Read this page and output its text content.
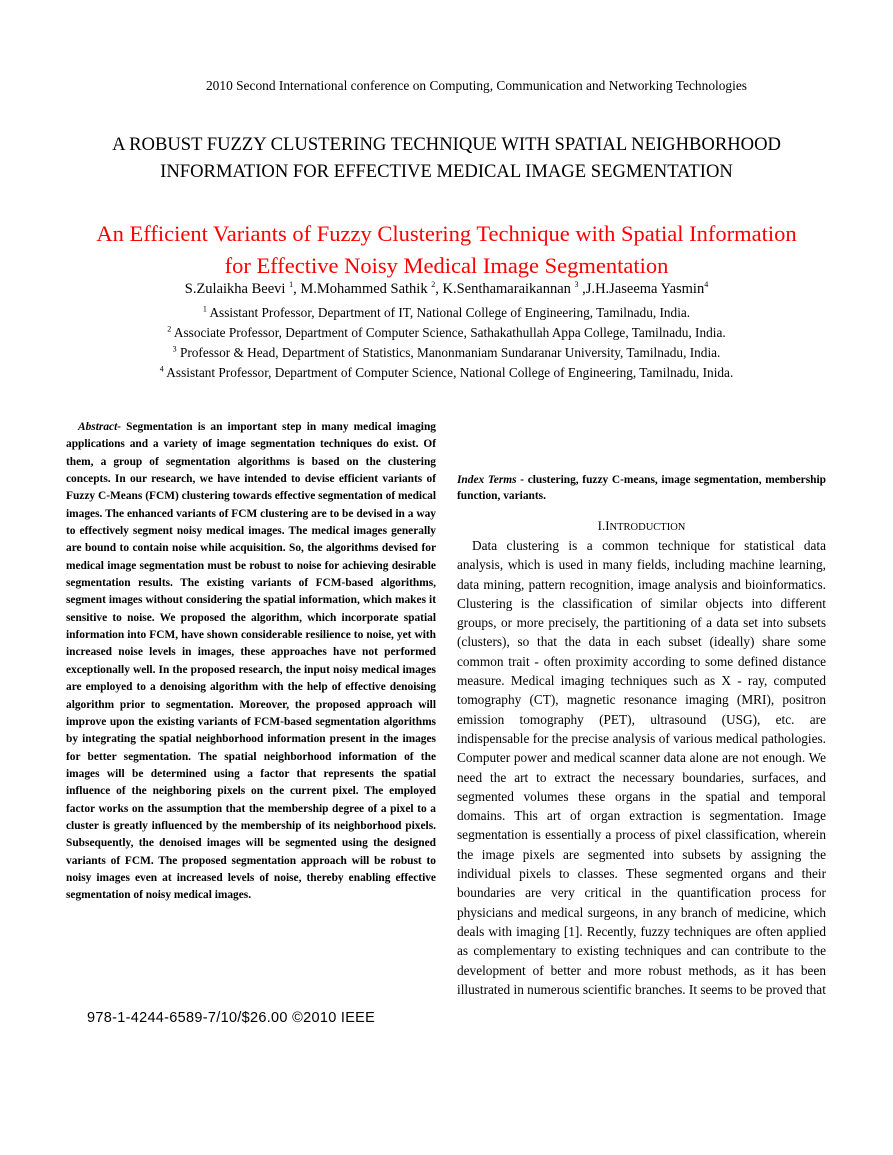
2010 Second International conference on Computing, Communication and Networking Technologies
A ROBUST FUZZY CLUSTERING TECHNIQUE WITH SPATIAL NEIGHBORHOOD
INFORMATION FOR EFFECTIVE MEDICAL IMAGE SEGMENTATION
An Efficient Variants of Fuzzy Clustering Technique with Spatial Information
for Effective Noisy Medical Image Segmentation
S.Zulaikha Beevi $^1$, M.Mohammed Sathik $^2$, K.Senthamaraikannan $^3$ ,J.H.Jaseema Yasmin$^4$
$^1$ Assistant Professor, Department of IT, National College of Engineering, Tamilnadu, India.
$^2$ Associate Professor, Department of Computer Science, Sathakathullah Appa College, Tamilnadu, India.
$^3$ Professor & Head, Department of Statistics, Manonmaniam Sundaranar University, Tamilnadu, India.
$^4$ Assistant Professor, Department of Computer Science, National College of Engineering, Tamilnadu, Inida.
Abstract- Segmentation is an important step in many medical imaging applications and a variety of image segmentation techniques do exist. Of them, a group of segmentation algorithms is based on the clustering concepts. In our research, we have intended to devise efficient variants of Fuzzy C-Means (FCM) clustering towards effective segmentation of medical images. The enhanced variants of FCM clustering are to be devised in a way to effectively segment noisy medical images. The medical images generally are bound to contain noise while acquisition. So, the algorithms devised for medical image segmentation must be robust to noise for achieving desirable segmentation results. The existing variants of FCM-based algorithms, segment images without considering the spatial information, which makes it sensitive to noise. We proposed the algorithm, which incorporate spatial information into FCM, have shown considerable resilience to noise, yet with increased noise levels in images, these approaches have not performed exceptionally well. In the proposed research, the input noisy medical images are employed to a denoising algorithm with the help of effective denoising algorithm prior to segmentation. Moreover, the proposed approach will improve upon the existing variants of FCM-based segmentation algorithms by integrating the spatial neighborhood information present in the images for better segmentation. The spatial neighborhood information of the images will be determined using a factor that represents the spatial influence of the neighboring pixels on the current pixel. The employed factor works on the assumption that the membership degree of a pixel to a cluster is greatly influenced by the membership of its neighborhood pixels. Subsequently, the denoised images will be segmented using the designed variants of FCM. The proposed segmentation approach will be robust to noisy images even at increased levels of noise, thereby enabling effective segmentation of noisy medical images.
978-1-4244-6589-7/10/$26.00 ©2010 IEEE
Index Terms - clustering, fuzzy C-means, image segmentation, membership function, variants.
I.INTRODUCTION
Data clustering is a common technique for statistical data analysis, which is used in many fields, including machine learning, data mining, pattern recognition, image analysis and bioinformatics. Clustering is the classification of similar objects into different groups, or more precisely, the partitioning of a data set into subsets (clusters), so that the data in each subset (ideally) share some common trait - often proximity according to some defined distance measure. Medical imaging techniques such as X - ray, computed tomography (CT), magnetic resonance imaging (MRI), positron emission tomography (PET), ultrasound (USG), etc. are indispensable for the precise analysis of various medical pathologies. Computer power and medical scanner data alone are not enough. We need the art to extract the necessary boundaries, surfaces, and segmented volumes these organs in the spatial and temporal domains. This art of organ extraction is segmentation. Image segmentation is essentially a process of pixel classification, wherein the image pixels are segmented into subsets by assigning the individual pixels to classes. These segmented organs and their boundaries are very critical in the quantification process for physicians and medical surgeons, in any branch of medicine, which deals with imaging [1]. Recently, fuzzy techniques are often applied as complementary to existing techniques and can contribute to the development of better and more robust methods, as it has been illustrated in numerous scientific branches. It seems to be proved that
